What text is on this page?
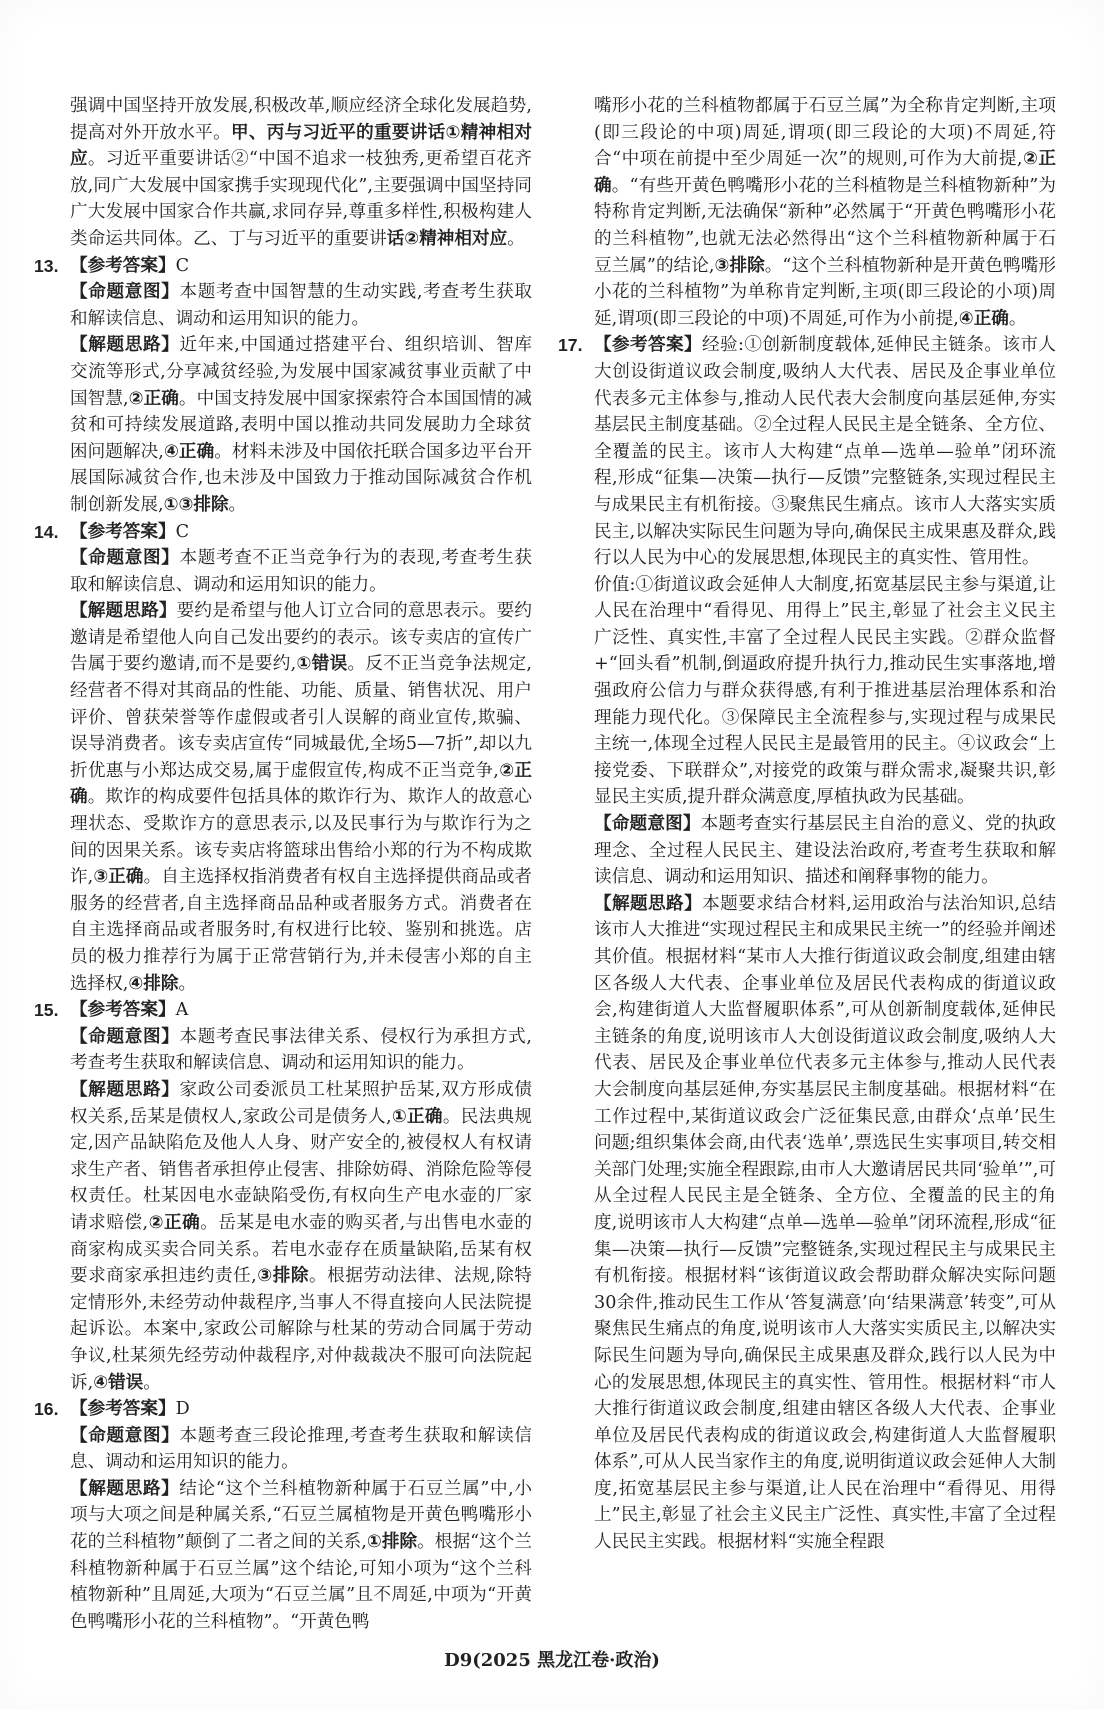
强调中国坚持开放发展,积极改革,顺应经济全球化发展趋势,提高对外开放水平。甲、丙与习近平的重要讲话①精神相对应。习近平重要讲话②“中国不追求一枝独秀,更希望百花齐放,同广大发展中国家携手实现现代化”,主要强调中国坚持同广大发展中国家合作共赢,求同存异,尊重多样性,积极构建人类命运共同体。乙、丁与习近平的重要讲话②精神相对应。

13. 【参考答案】C

【命题意图】本题考查中国智慧的生动实践,考查考生获取和解读信息、调动和运用知识的能力。

【解题思路】近年来,中国通过搭建平台、组织培训、智库交流等形式,分享减贫经验,为发展中国家减贫事业贡献了中国智慧,②正确。中国支持发展中国家探索符合本国国情的减贫和可持续发展道路,表明中国以推动共同发展助力全球贫困问题解决,④正确。材料未涉及中国依托联合国多边平台开展国际减贫合作,也未涉及中国致力于推动国际减贫合作机制创新发展,①③排除。

14. 【参考答案】C

【命题意图】本题考查不正当竞争行为的表现,考查考生获取和解读信息、调动和运用知识的能力。

【解题思路】要约是希望与他人订立合同的意思表示。要约邀请是希望他人向自己发出要约的表示。该专卖店的宣传广告属于要约邀请,而不是要约,①错误。反不正当竞争法规定,经营者不得对其商品的性能、功能、质量、销售状况、用户评价、曾获荣誉等作虚假或者引人误解的商业宣传,欺骗、误导消费者。该专卖店宣传“同城最优,全场5—7折”,却以九折优惠与小郑达成交易,属于虚假宣传,构成不正当竞争,②正确。欺诈的构成要件包括具体的欺诈行为、欺诈人的故意心理状态、受欺诈方的意思表示,以及民事行为与欺诈行为之间的因果关系。该专卖店将篮球出售给小郑的行为不构成欺诈,③正确。自主选择权指消费者有权自主选择提供商品或者服务的经营者,自主选择商品品种或者服务方式。消费者在自主选择商品或者服务时,有权进行比较、鉴别和挑选。店员的极力推荐行为属于正常营销行为,并未侵害小郑的自主选择权,④排除。

15. 【参考答案】A

【命题意图】本题考查民事法律关系、侵权行为承担方式,考查考生获取和解读信息、调动和运用知识的能力。

【解题思路】家政公司委派员工杜某照护岳某,双方形成债权关系,岳某是债权人,家政公司是债务人,①正确。民法典规定,因产品缺陷危及他人人身、财产安全的,被侵权人有权请求生产者、销售者承担停止侵害、排除妨碍、消除危险等侵权责任。杜某因电水壶缺陷受伤,有权向生产电水壶的厂家请求赔偿,②正确。岳某是电水壶的购买者,与出售电水壶的商家构成买卖合同关系。若电水壶存在质量缺陷,岳某有权要求商家承担违约责任,③排除。根据劳动法律、法规,除特定情形外,未经劳动仲裁程序,当事人不得直接向人民法院提起诉讼。本案中,家政公司解除与杜某的劳动合同属于劳动争议,杜某须先经劳动仲裁程序,对仲裁裁决不服可向法院起诉,④错误。

16. 【参考答案】D

【命题意图】本题考查三段论推理,考查考生获取和解读信息、调动和运用知识的能力。

【解题思路】结论“这个兰科植物新种属于石豆兰属”中,小项与大项之间是种属关系,“石豆兰属植物是开黄色鸭嘴形小花的兰科植物”颠倒了二者之间的关系,①排除。根据“这个兰科植物新种属于石豆兰属”这个结论,可知小项为“这个兰科植物新种”且周延,大项为“石豆兰属”且不周延,中项为“开黄色鸭嘴形小花的兰科植物”。“开黄色鸭

嘴形小花的兰科植物都属于石豆兰属”为全称肯定判断,主项(即三段论的中项)周延,谓项(即三段论的大项)不周延,符合“中项在前提中至少周延一次”的规则,可作为大前提,②正确。“有些开黄色鸭嘴形小花的兰科植物是兰科植物新种”为特称肯定判断,无法确保“新种”必然属于“开黄色鸭嘴形小花的兰科植物”,也就无法必然得出“这个兰科植物新种属于石豆兰属”的结论,③排除。“这个兰科植物新种是开黄色鸭嘴形小花的兰科植物”为单称肯定判断,主项(即三段论的小项)周延,谓项(即三段论的中项)不周延,可作为小前提,④正确。

17. 【参考答案】经验:①创新制度载体,延伸民主链条。该市人大创设街道议政会制度,吸纳人大代表、居民及企事业单位代表多元主体参与,推动人民代表大会制度向基层延伸,夯实基层民主制度基础。②全过程人民民主是全链条、全方位、全覆盖的民主。该市人大构建“点单—选单—验单”闭环流程,形成“征集—决策—执行—反馈”完整链条,实现过程民主与成果民主有机衔接。③聚焦民生痛点。该市人大落实实质民主,以解决实际民生问题为导向,确保民主成果惠及群众,践行以人民为中心的发展思想,体现民主的真实性、管用性。

价值:①街道议政会延伸人大制度,拓宽基层民主参与渠道,让人民在治理中“看得见、用得上”民主,彰显了社会主义民主广泛性、真实性,丰富了全过程人民民主实践。②群众监督+“回头看”机制,倒逼政府提升执行力,推动民生实事落地,增强政府公信力与群众获得感,有利于推进基层治理体系和治理能力现代化。③保障民主全流程参与,实现过程与成果民主统一,体现全过程人民民主是最管用的民主。④议政会“上接党委、下联群众”,对接党的政策与群众需求,凝聚共识,彰显民主实质,提升群众满意度,厚植执政为民基础。

【命题意图】本题考查实行基层民主自治的意义、党的执政理念、全过程人民民主、建设法治政府,考查考生获取和解读信息、调动和运用知识、描述和阐释事物的能力。

【解题思路】本题要求结合材料,运用政治与法治知识,总结该市人大推进“实现过程民主和成果民主统一”的经验并阐述其价值。根据材料“某市人大推行街道议政会制度,组建由辖区各级人大代表、企事业单位及居民代表构成的街道议政会,构建街道人大监督履职体系”,可从创新制度载体,延伸民主链条的角度,说明该市人大创设街道议政会制度,吸纳人大代表、居民及企事业单位代表多元主体参与,推动人民代表大会制度向基层延伸,夯实基层民主制度基础。根据材料“在工作过程中,某街道议政会广泛征集民意,由群众‘点单’民生问题;组织集体会商,由代表‘选单’,票选民生实事项目,转交相关部门处理;实施全程跟踪,由市人大邀请居民共同‘验单’”,可从全过程人民民主是全链条、全方位、全覆盖的民主的角度,说明该市人大构建“点单—选单—验单”闭环流程,形成“征集—决策—执行—反馈”完整链条,实现过程民主与成果民主有机衔接。根据材料“该街道议政会帮助群众解决实际问题30余件,推动民生工作从‘答复满意’向‘结果满意’转变”,可从聚焦民生痛点的角度,说明该市人大落实实质民主,以解决实际民生问题为导向,确保民主成果惠及群众,践行以人民为中心的发展思想,体现民主的真实性、管用性。根据材料“市人大推行街道议政会制度,组建由辖区各级人大代表、企事业单位及居民代表构成的街道议政会,构建街道人大监督履职体系”,可从人民当家作主的角度,说明街道议政会延伸人大制度,拓宽基层民主参与渠道,让人民在治理中“看得见、用得上”民主,彰显了社会主义民主广泛性、真实性,丰富了全过程人民民主实践。根据材料“实施全程跟

D9(2025 黑龙江卷·政治)
